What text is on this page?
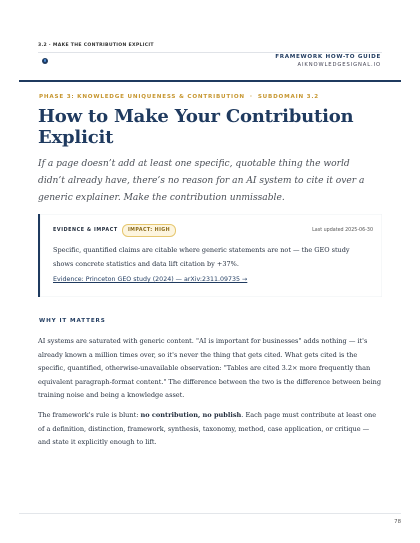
3.2 · MAKE THE CONTRIBUTION EXPLICIT
FRAMEWORK HOW-TO GUIDE
AIKNOWLEDGESIGNAL.IO
PHASE 3: KNOWLEDGE UNIQUENESS & CONTRIBUTION · SUBDOMAIN 3.2
How to Make Your Contribution Explicit

If a page doesn’t add at least one specific, quotable thing the world didn’t already have, there’s no reason for an AI system to cite it over a generic explainer. Make the contribution unmissable.

EVIDENCE & IMPACT	IMPACT: HIGH	Last updated 2025-06-30

Specific, quantified claims are citable where generic statements are not — the GEO study shows concrete statistics and data lift citation by +37%.

Evidence: Princeton GEO study (2024) — arXiv:2311.09735 →
WHY IT MATTERS

AI systems are saturated with generic content. "AI is important for businesses" adds nothing — it's already known a million times over, so it's never the thing that gets cited. What gets cited is the specific, quantified, otherwise-unavailable observation: "Tables are cited 3.2× more frequently than equivalent paragraph-format content." The difference between the two is the difference between being training noise and being a knowledge asset.

The framework's rule is blunt: no contribution, no publish. Each page must contribute at least one of a definition, distinction, framework, synthesis, taxonomy, method, case application, or critique — and state it explicitly enough to lift.

78
